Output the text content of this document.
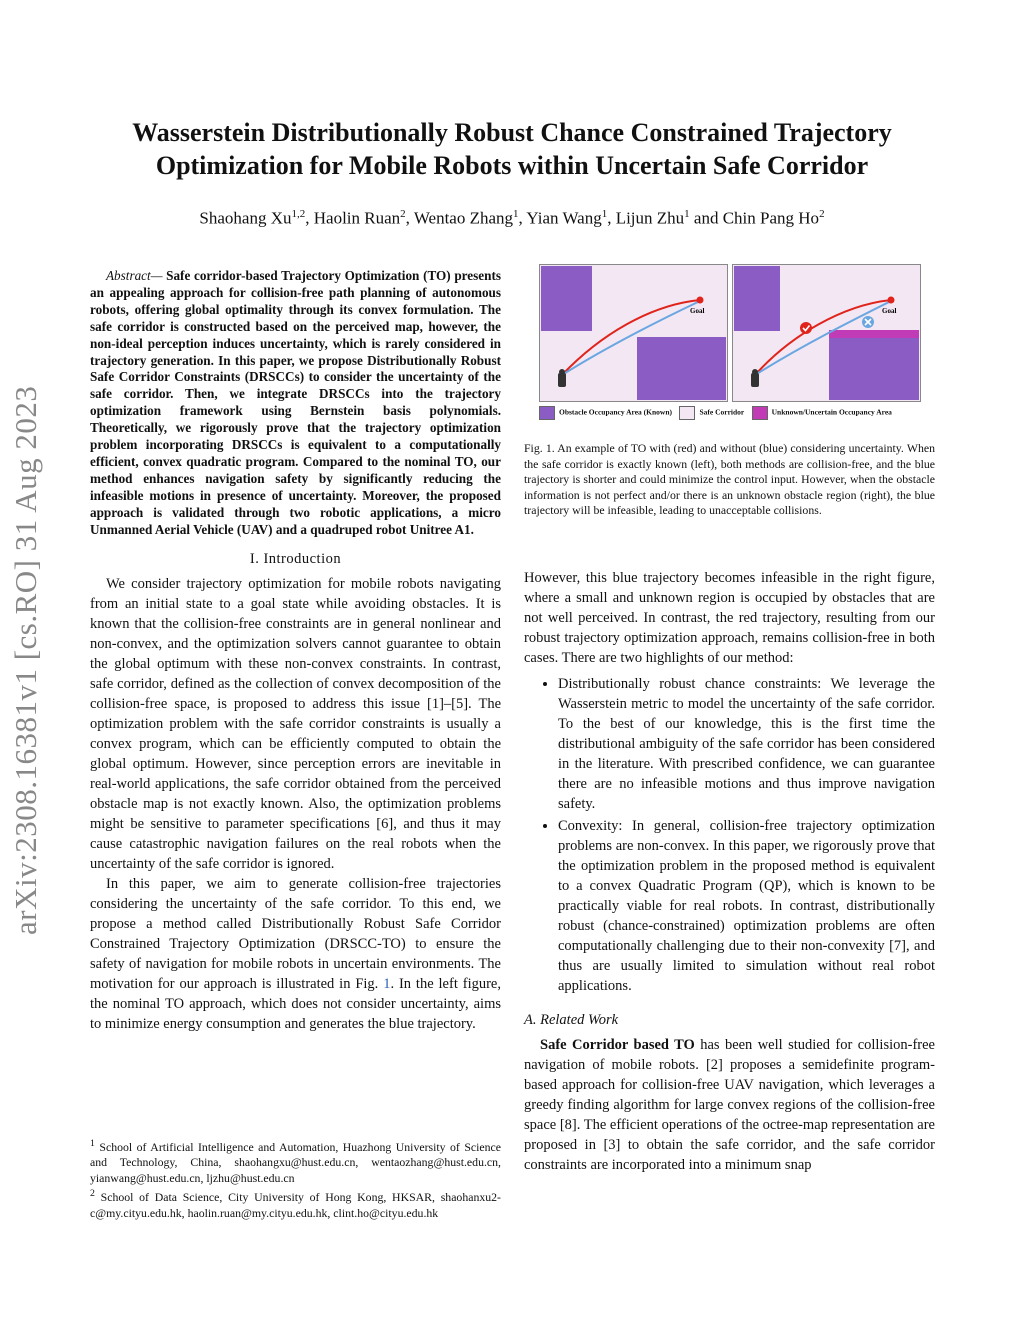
arXiv:2308.16381v1 [cs.RO] 31 Aug 2023
Wasserstein Distributionally Robust Chance Constrained Trajectory Optimization for Mobile Robots within Uncertain Safe Corridor
Shaohang Xu$^{1,2}$, Haolin Ruan$^2$, Wentao Zhang$^1$, Yian Wang$^1$, Lijun Zhu$^1$ and Chin Pang Ho$^2$

Abstract— Safe corridor-based Trajectory Optimization (TO) presents an appealing approach for collision-free path planning of autonomous robots, offering global optimality through its convex formulation. The safe corridor is constructed based on the perceived map, however, the non-ideal perception induces uncertainty, which is rarely considered in trajectory generation. In this paper, we propose Distributionally Robust Safe Corridor Constraints (DRSCCs) to consider the uncertainty of the safe corridor. Then, we integrate DRSCCs into the trajectory optimization framework using Bernstein basis polynomials. Theoretically, we rigorously prove that the trajectory optimization problem incorporating DRSCCs is equivalent to a computationally efficient, convex quadratic program. Compared to the nominal TO, our method enhances navigation safety by significantly reducing the infeasible motions in presence of uncertainty. Moreover, the proposed approach is validated through two robotic applications, a micro Unmanned Aerial Vehicle (UAV) and a quadruped robot Unitree A1.

I. Introduction

We consider trajectory optimization for mobile robots navigating from an initial state to a goal state while avoiding obstacles. It is known that the collision-free constraints are in general nonlinear and non-convex, and the optimization solvers cannot guarantee to obtain the global optimum with these non-convex constraints. In contrast, safe corridor, defined as the collection of convex decomposition of the collision-free space, is proposed to address this issue [1]–[5]. The optimization problem with the safe corridor constraints is usually a convex program, which can be efficiently computed to obtain the global optimum. However, since perception errors are inevitable in real-world applications, the safe corridor obtained from the perceived obstacle map is not exactly known. Also, the optimization problems might be sensitive to parameter specifications [6], and thus it may cause catastrophic navigation failures on the real robots when the uncertainty of the safe corridor is ignored.

In this paper, we aim to generate collision-free trajectories considering the uncertainty of the safe corridor. To this end, we propose a method called Distributionally Robust Safe Corridor Constrained Trajectory Optimization (DRSCC-TO) to ensure the safety of navigation for mobile robots in uncertain environments. The motivation for our approach is illustrated in Fig. 1. In the left figure, the nominal TO approach, which does not consider uncertainty, aims to minimize energy consumption and generates the blue trajectory.

$^1$ School of Artificial Intelligence and Automation, Huazhong University of Science and Technology, China, shaohangxu@hust.edu.cn, wentaozhang@hust.edu.cn, yianwang@hust.edu.cn, ljzhu@hust.edu.cn
$^2$ School of Data Science, City University of Hong Kong, HKSAR, shaohanxu2-c@my.cityu.edu.hk, haolin.ruan@my.cityu.edu.hk, clint.ho@cityu.edu.hk
Goal	Goal
Obstacle Occupancy Area (Known)	Safe Corridor	Unknown/Uncertain Occupancy Area
Fig. 1. An example of TO with (red) and without (blue) considering uncertainty. When the safe corridor is exactly known (left), both methods are collision-free, and the blue trajectory is shorter and could minimize the control input. However, when the obstacle information is not perfect and/or there is an unknown obstacle region (right), the blue trajectory will be infeasible, leading to unacceptable collisions.

However, this blue trajectory becomes infeasible in the right figure, where a small and unknown region is occupied by obstacles that are not well perceived. In contrast, the red trajectory, resulting from our robust trajectory optimization approach, remains collision-free in both cases. There are two highlights of our method:

• Distributionally robust chance constraints: We leverage the Wasserstein metric to model the uncertainty of the safe corridor. To the best of our knowledge, this is the first time the distributional ambiguity of the safe corridor has been considered in the literature. With prescribed confidence, we can guarantee there are no infeasible motions and thus improve navigation safety.
• Convexity: In general, collision-free trajectory optimization problems are non-convex. In this paper, we rigorously prove that the optimization problem in the proposed method is equivalent to a convex Quadratic Program (QP), which is known to be practically viable for real robots. In contrast, distributionally robust (chance-constrained) optimization problems are often computationally challenging due to their non-convexity [7], and thus are usually limited to simulation without real robot applications.
A. Related Work

Safe Corridor based TO has been well studied for collision-free navigation of mobile robots. [2] proposes a semidefinite program-based approach for collision-free UAV navigation, which leverages a greedy finding algorithm for large convex regions of the collision-free space [8]. The efficient operations of the octree-map representation are proposed in [3] to obtain the safe corridor, and the safe corridor constraints are incorporated into a minimum snap
